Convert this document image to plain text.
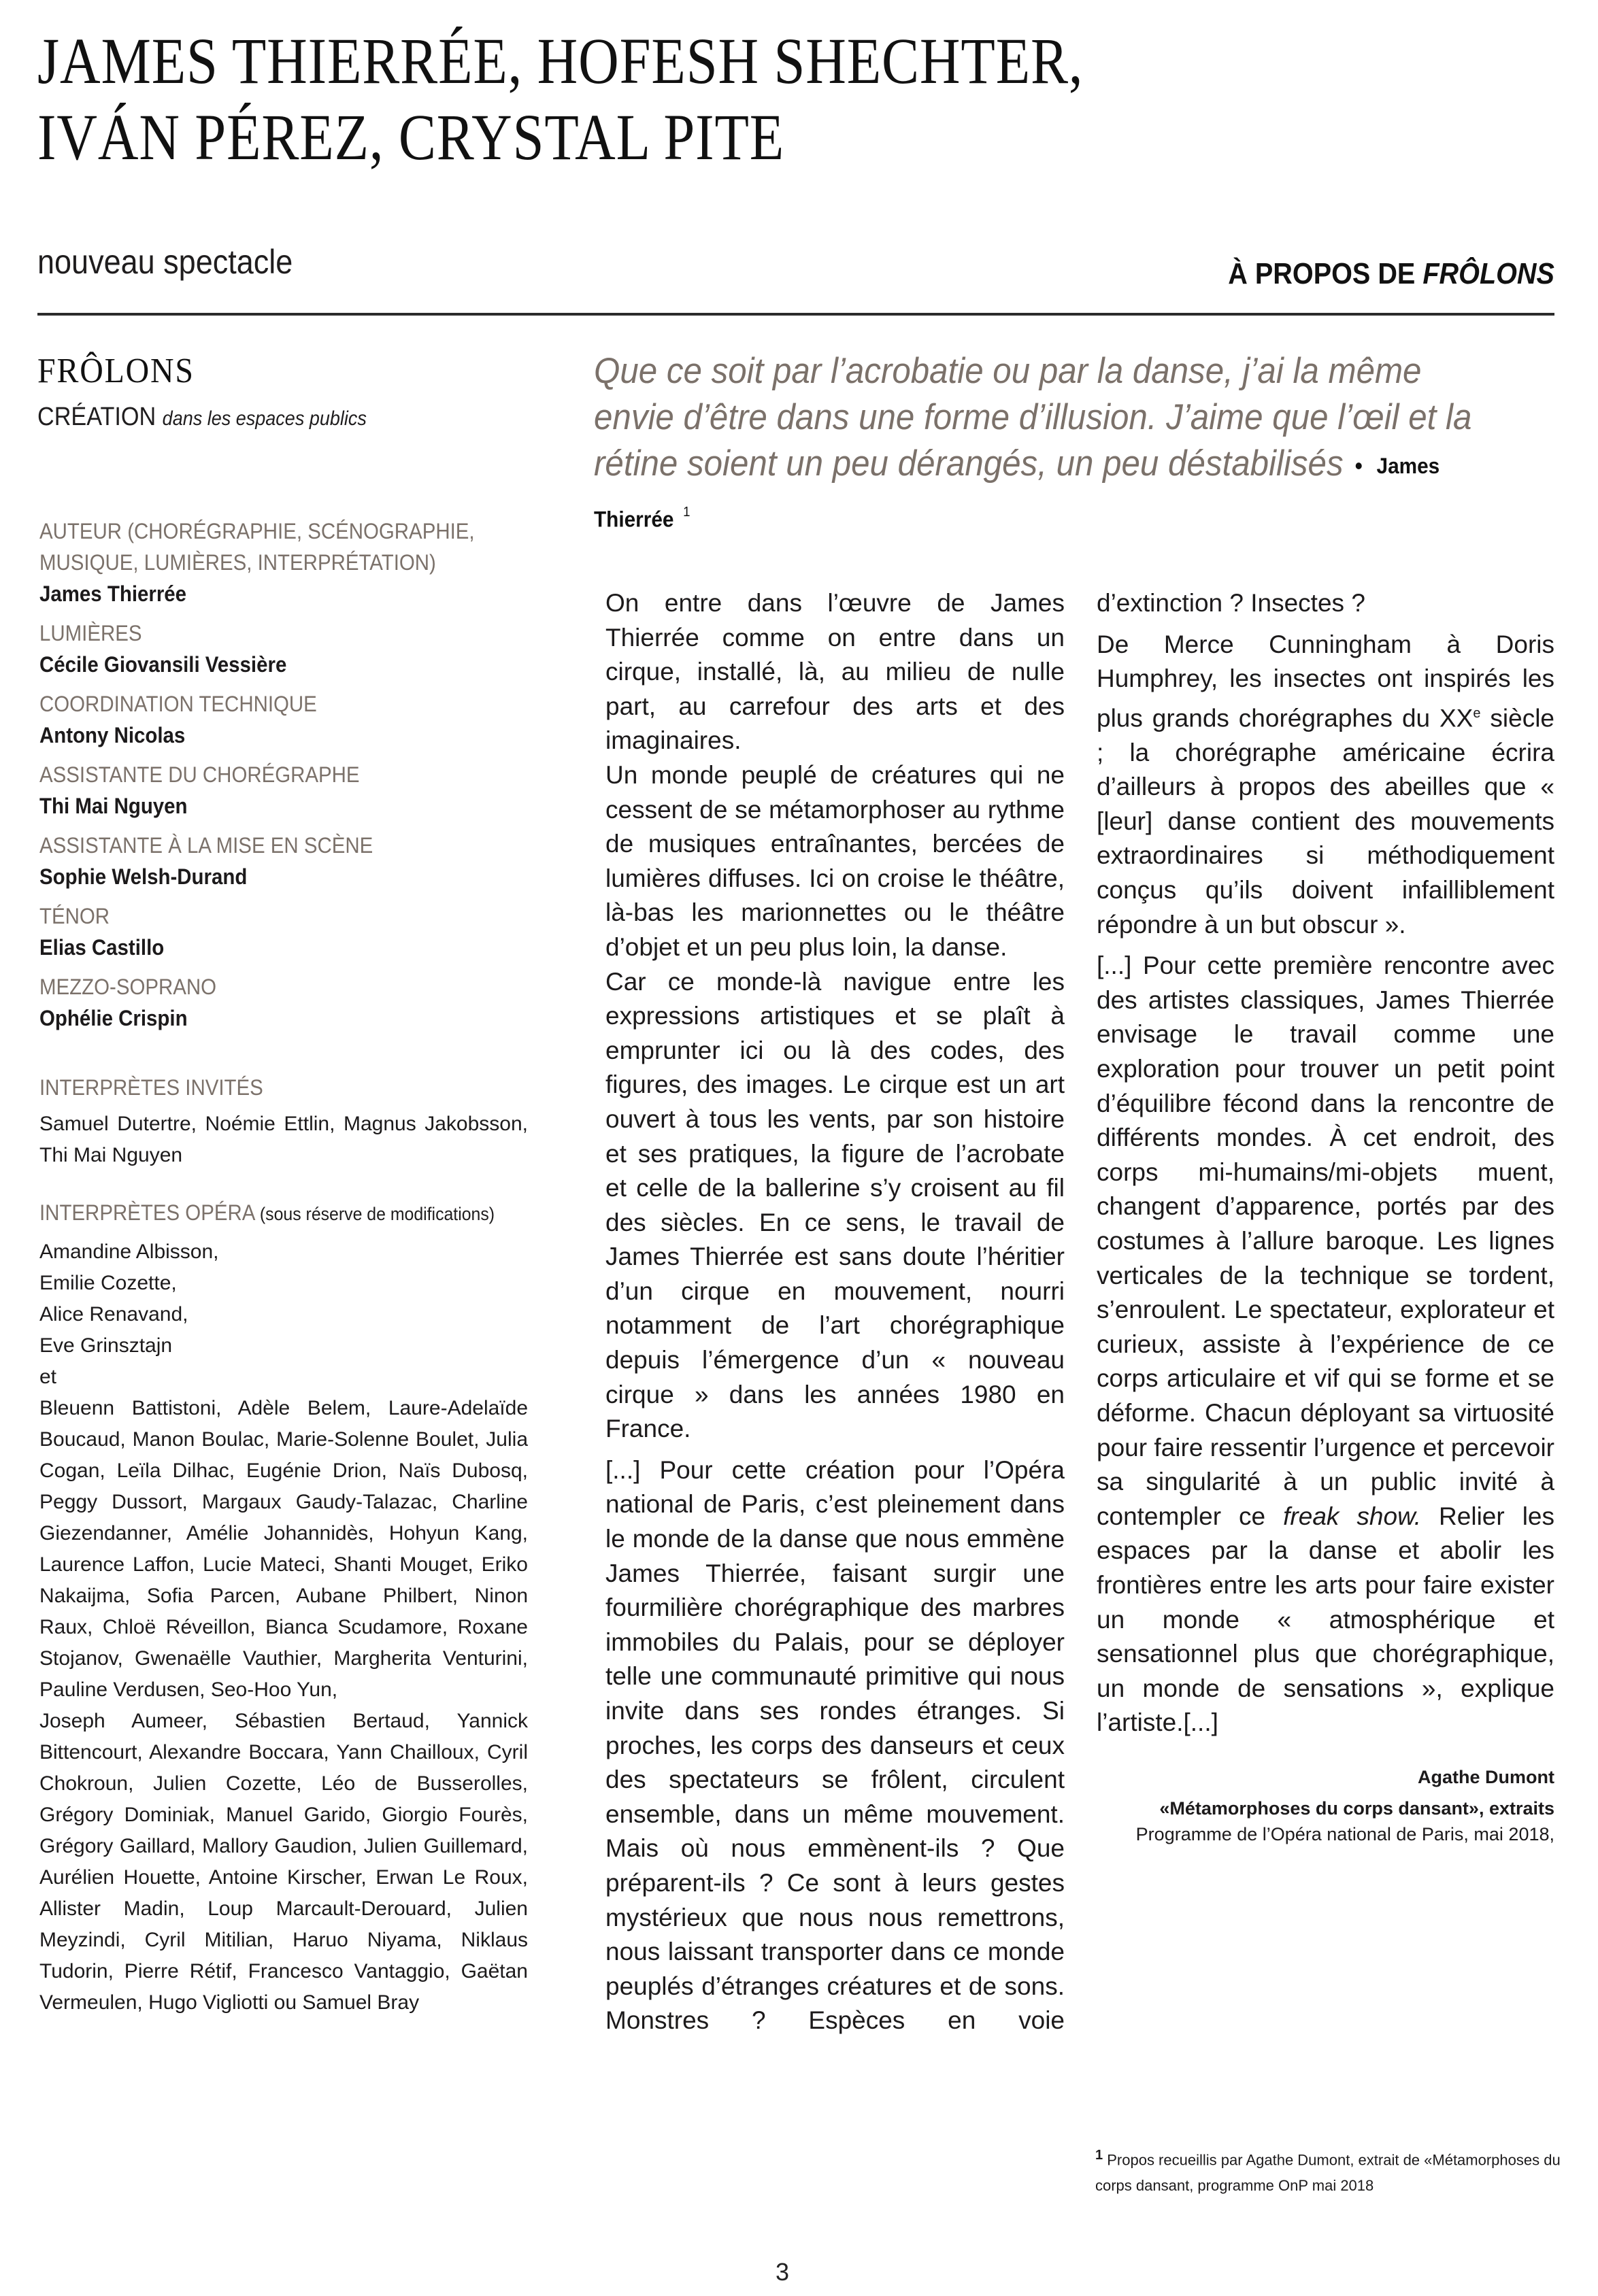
JAMES THIERRÉE, HOFESH SHECHTER,
IVÁN PÉREZ, CRYSTAL PITE
nouveau spectacle	À PROPOS DE FRÔLONS
FRÔLONS
CRÉATION dans les espaces publics
Que ce soit par l’acrobatie ou par la danse, j’ai la même envie d’être dans une forme d’illusion. J’aime que l’œil et la rétine soient un peu dérangés, un peu déstabilisés • James Thierrée $^1$
AUTEUR (CHORÉGRAPHIE, SCÉNOGRAPHIE,
MUSIQUE, LUMIÈRES, INTERPRÉTATION)
James Thierrée
LUMIÈRES
Cécile Giovansili Vessière
COORDINATION TECHNIQUE
Antony Nicolas
ASSISTANTE DU CHORÉGRAPHE
Thi Mai Nguyen
ASSISTANTE À LA MISE EN SCÈNE
Sophie Welsh-Durand
TÉNOR
Elias Castillo
MEZZO-SOPRANO
Ophélie Crispin
INTERPRÈTES INVITÉS
Samuel Dutertre, Noémie Ettlin, Magnus Jakobsson, Thi Mai Nguyen
INTERPRÈTES OPÉRA (sous réserve de modifications)
Amandine Albisson,
Emilie Cozette,
Alice Renavand,
Eve Grinsztajn
et
Bleuenn Battistoni, Adèle Belem, Laure-Adelaïde Boucaud, Manon Boulac, Marie-Solenne Boulet, Julia Cogan, Leïla Dilhac, Eugénie Drion, Naïs Dubosq, Peggy Dussort, Margaux Gaudy-Talazac, Charline Giezendanner, Amélie Johannidès, Hohyun Kang, Laurence Laffon, Lucie Mateci, Shanti Mouget, Eriko Nakaijma, Sofia Parcen, Aubane Philbert, Ninon Raux, Chloë Réveillon, Bianca Scudamore, Roxane Stojanov, Gwenaëlle Vauthier, Margherita Venturini, Pauline Verdusen, Seo-Hoo Yun,
Joseph Aumeer, Sébastien Bertaud, Yannick Bittencourt, Alexandre Boccara, Yann Chailloux, Cyril Chokroun, Julien Cozette, Léo de Busserolles, Grégory Dominiak, Manuel Garido, Giorgio Fourès, Grégory Gaillard, Mallory Gaudion, Julien Guillemard, Aurélien Houette, Antoine Kirscher, Erwan Le Roux, Allister Madin, Loup Marcault-Derouard, Julien Meyzindi, Cyril Mitilian, Haruo Niyama, Niklaus Tudorin, Pierre Rétif, Francesco Vantaggio, Gaëtan Vermeulen, Hugo Vigliotti ou Samuel Bray

On entre dans l’œuvre de James Thierrée comme on entre dans un cirque, installé, là, au milieu de nulle part, au carrefour des arts et des imaginaires.

Un monde peuplé de créatures qui ne cessent de se métamorphoser au rythme de musiques entraînantes, bercées de lumières diffuses. Ici on croise le théâtre, là-bas les marionnettes ou le théâtre d’objet et un peu plus loin, la danse.

Car ce monde-là navigue entre les expressions artistiques et se plaît à emprunter ici ou là des codes, des figures, des images. Le cirque est un art ouvert à tous les vents, par son histoire et ses pratiques, la figure de l’acrobate et celle de la ballerine s’y croisent au fil des siècles. En ce sens, le travail de James Thierrée est sans doute l’héritier d’un cirque en mouvement, nourri notamment de l’art chorégraphique depuis l’émergence d’un « nouveau cirque » dans les années 1980 en France.

[...] Pour cette création pour l’Opéra national de Paris, c’est pleinement dans le monde de la danse que nous emmène James Thierrée, faisant surgir une fourmilière chorégraphique des marbres immobiles du Palais, pour se déployer telle une communauté primitive qui nous invite dans ses rondes étranges. Si proches, les corps des danseurs et ceux des spectateurs se frôlent, circulent ensemble, dans un même mouvement. Mais où nous emmènent-ils ? Que préparent-ils ? Ce sont à leurs gestes mystérieux que nous nous remettrons, nous laissant transporter dans ce monde peuplés d’étranges créatures et de sons. Monstres ? Espèces en voie

d’extinction ? Insectes ?

De Merce Cunningham à Doris Humphrey, les insectes ont inspirés les plus grands chorégraphes du XXe siècle ; la chorégraphe américaine écrira d’ailleurs à propos des abeilles que « [leur] danse contient des mouvements extraordinaires si méthodiquement conçus qu’ils doivent infailliblement répondre à un but obscur ».

[...] Pour cette première rencontre avec des artistes classiques, James Thierrée envisage le travail comme une exploration pour trouver un petit point d’équilibre fécond dans la rencontre de différents mondes. À cet endroit, des corps mi-humains/mi-objets muent, changent d’apparence, portés par des costumes à l’allure baroque. Les lignes verticales de la technique se tordent, s’enroulent. Le spectateur, explorateur et curieux, assiste à l’expérience de ce corps articulaire et vif qui se forme et se déforme. Chacun déployant sa virtuosité pour faire ressentir l’urgence et percevoir sa singularité à un public invité à contempler ce freak show. Relier les espaces par la danse et abolir les frontières entre les arts pour faire exister un monde « atmosphérique et sensationnel plus que chorégraphique, un monde de sensations », explique l’artiste.[...]

Agathe Dumont
«Métamorphoses du corps dansant», extraits
Programme de l’Opéra national de Paris, mai 2018,
$^1$ Propos recueillis par Agathe Dumont, extrait de «Métamorphoses du corps dansant, programme OnP mai 2018
3
